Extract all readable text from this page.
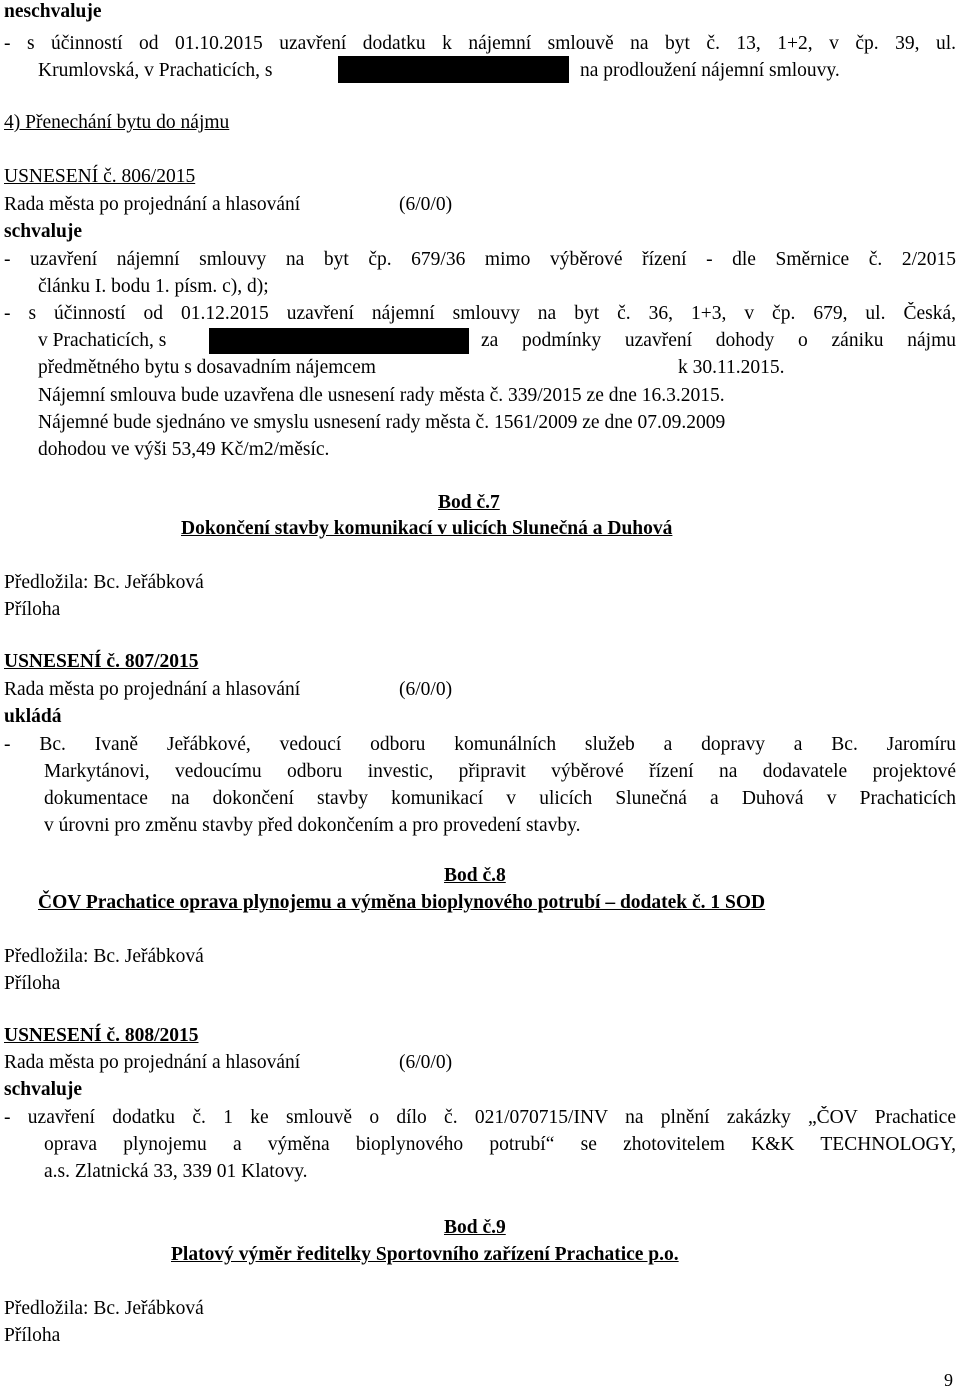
neschvaluje
- s účinností od 01.10.2015 uzavření dodatku k nájemní smlouvě na byt č. 13, 1+2, v čp. 39, ul.
Krumlovská, v Prachaticích, s	na prodloužení nájemní smlouvy.
4) Přenechání bytu do nájmu
USNESENÍ č. 806/2015
Rada města po projednání a hlasování	(6/0/0)
schvaluje
- uzavření nájemní smlouvy na byt čp. 679/36 mimo výběrové řízení - dle Směrnice č. 2/2015
článku I. bodu 1. písm. c), d);
- s účinností od 01.12.2015 uzavření nájemní smlouvy na byt č. 36, 1+3, v čp. 679, ul. Česká,
v Prachaticích, s	za podmínky uzavření dohody o zániku nájmu
předmětného bytu s dosavadním nájemcem	k 30.11.2015.
Nájemní smlouva bude uzavřena dle usnesení rady města č. 339/2015 ze dne 16.3.2015.
Nájemné bude sjednáno ve smyslu usnesení rady města č. 1561/2009 ze dne 07.09.2009
dohodou ve výši 53,49 Kč/m2/měsíc.
Bod č.7
Dokončení stavby komunikací v ulicích Slunečná a Duhová
Předložila: Bc. Jeřábková
Příloha
USNESENÍ č. 807/2015
Rada města po projednání a hlasování	(6/0/0)
ukládá
- Bc. Ivaně Jeřábkové, vedoucí odboru komunálních služeb a dopravy a Bc. Jaromíru
Markytánovi, vedoucímu odboru investic, připravit výběrové řízení na dodavatele projektové
dokumentace na dokončení stavby komunikací v ulicích Slunečná a Duhová v Prachaticích
v úrovni pro změnu stavby před dokončením a pro provedení stavby.
Bod č.8
ČOV Prachatice oprava plynojemu a výměna bioplynového potrubí – dodatek č. 1 SOD
Předložila: Bc. Jeřábková
Příloha
USNESENÍ č. 808/2015
Rada města po projednání a hlasování	(6/0/0)
schvaluje
- uzavření dodatku č. 1 ke smlouvě o dílo č. 021/070715/INV na plnění zakázky „ČOV Prachatice
oprava plynojemu a výměna bioplynového potrubí“ se zhotovitelem K&K TECHNOLOGY,
a.s. Zlatnická 33, 339 01 Klatovy.
Bod č.9
Platový výměr ředitelky Sportovního zařízení Prachatice p.o.
Předložila: Bc. Jeřábková
Příloha
9
